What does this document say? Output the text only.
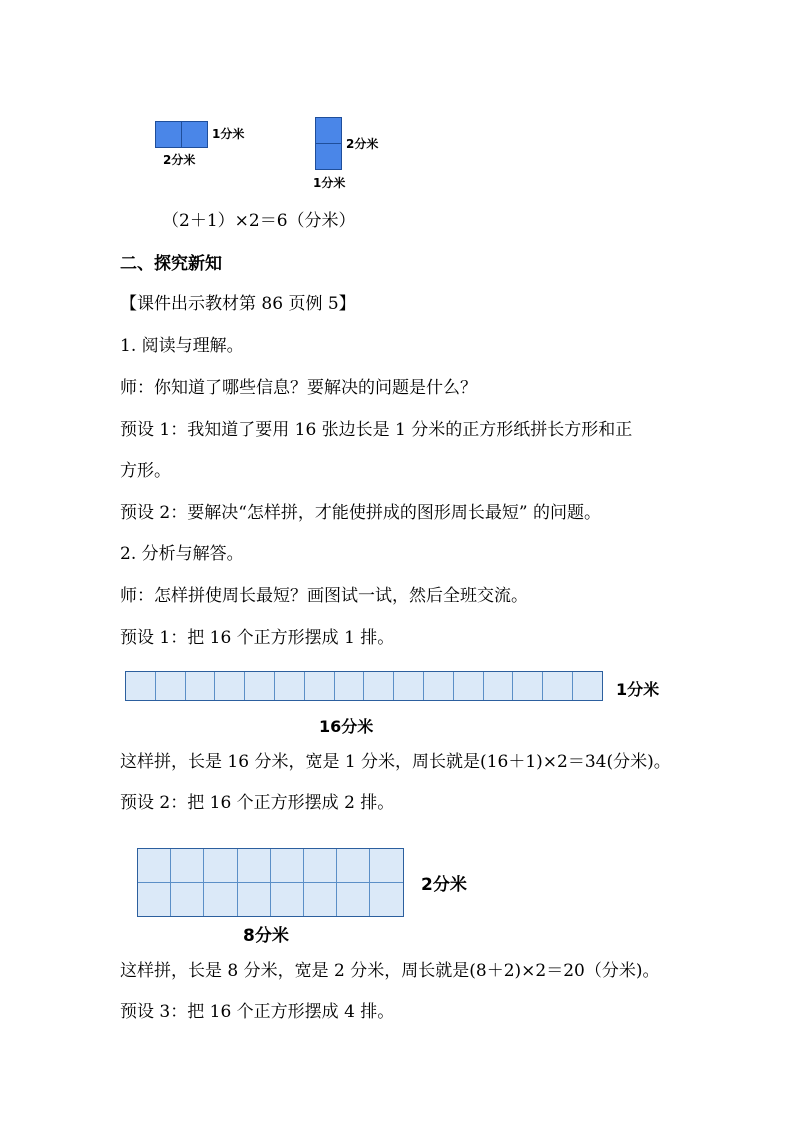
1分米
2分米
2分米
1分米
（2＋1）×2＝6（分米）
二、探究新知
【课件出示教材第 86 页例 5】
1. 阅读与理解。
师：你知道了哪些信息？要解决的问题是什么？
预设 1：我知道了要用 16 张边长是 1 分米的正方形纸拼长方形和正
方形。
预设 2：要解决“怎样拼，才能使拼成的图形周长最短” 的问题。
2. 分析与解答。
师：怎样拼使周长最短？画图试一试，然后全班交流。
预设 1：把 16 个正方形摆成 1 排。
1分米
16分米
这样拼，长是 16 分米，宽是 1 分米，周长就是(16＋1)×2＝34(分米)。
预设 2：把 16 个正方形摆成 2 排。
2分米
8分米
这样拼，长是 8 分米，宽是 2 分米，周长就是(8＋2)×2＝20（分米)。
预设 3：把 16 个正方形摆成 4 排。
